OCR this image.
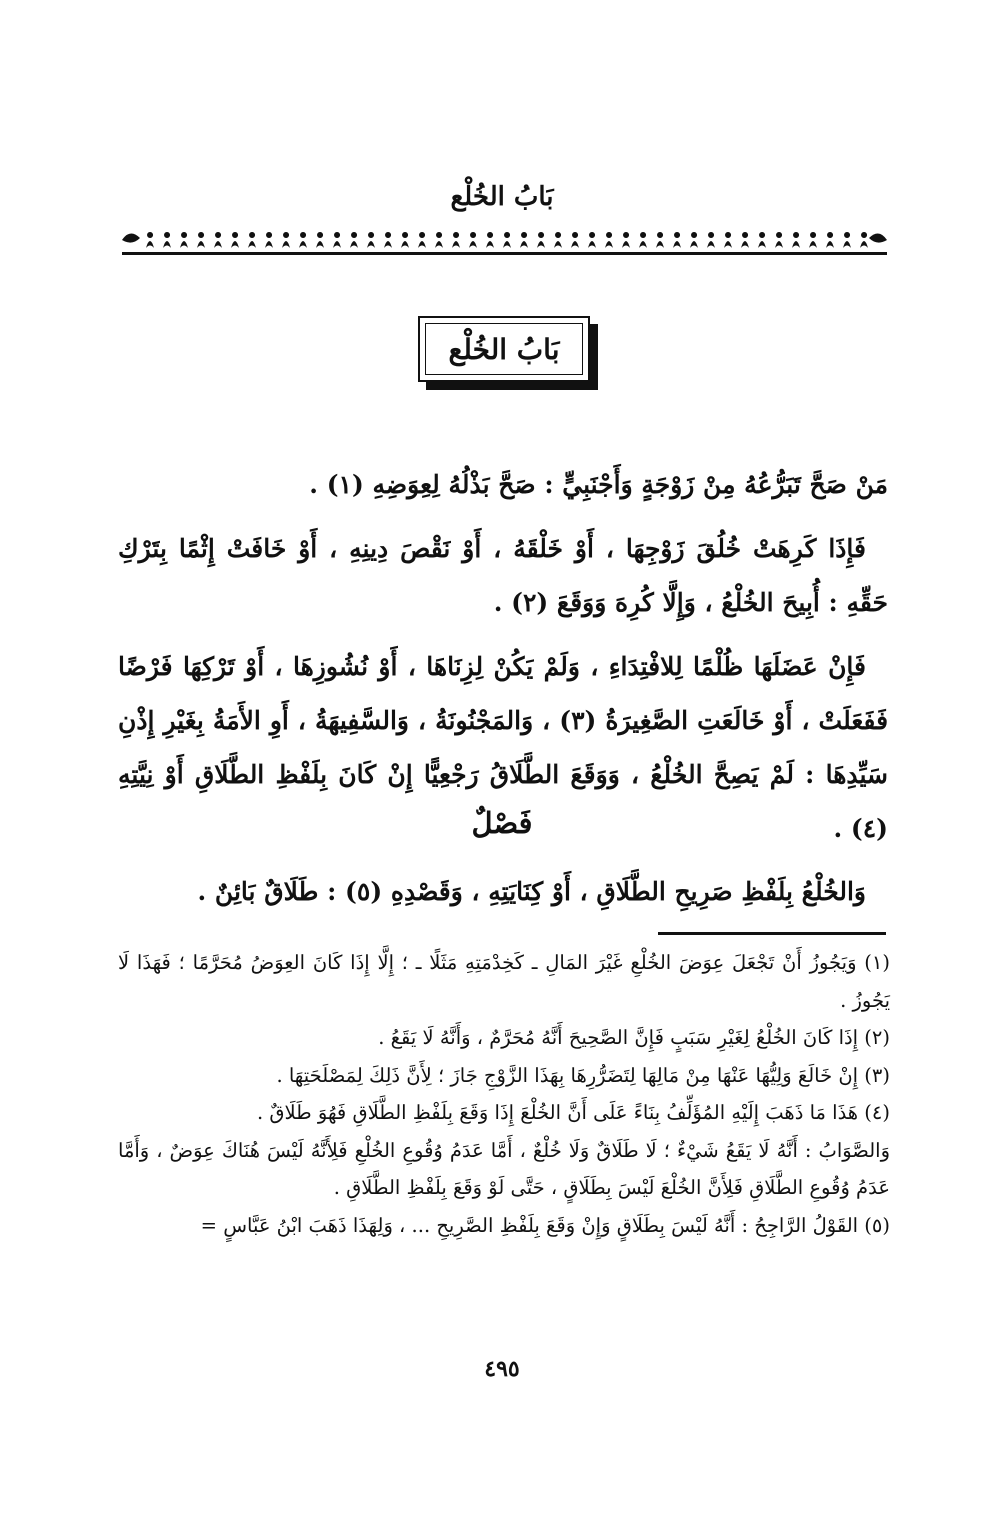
بَابُ الخُلْع
بَابُ الخُلْع

مَنْ صَحَّ تَبَرُّعُهُ مِنْ زَوْجَةٍ وَأَجْنَبِيٍّ : صَحَّ بَذْلُهُ لِعِوَضِهِ (١) .

فَإِذَا كَرِهَتْ خُلُقَ زَوْجِهَا ، أَوْ خَلْقَهُ ، أَوْ نَقْصَ دِينِهِ ، أَوْ خَافَتْ إِثْمًا بِتَرْكِ حَقِّهِ : أُبِيحَ الخُلْعُ ، وَإِلَّا كُرِهَ وَوَقَعَ (٢) .

فَإِنْ عَضَلَهَا ظُلْمًا لِلافْتِدَاءِ ، وَلَمْ يَكُنْ لِزِنَاهَا ، أَوْ نُشُوزِهَا ، أَوْ تَرْكِهَا فَرْضًا فَفَعَلَتْ ، أَوْ خَالَعَتِ الصَّغِيرَةُ (٣) ، وَالمَجْنُونَةُ ، وَالسَّفِيهَةُ ، أَوِ الأَمَةُ بِغَيْرِ إِذْنِ سَيِّدِهَا : لَمْ يَصِحَّ الخُلْعُ ، وَوَقَعَ الطَّلَاقُ رَجْعِيًّا إِنْ كَانَ بِلَفْظِ الطَّلَاقِ أَوْ نِيَّتِهِ (٤) .

فَصْلٌ

وَالخُلْعُ بِلَفْظِ صَرِيحِ الطَّلَاقِ ، أَوْ كِنَايَتِهِ ، وَقَصْدِهِ (٥) : طَلَاقٌ بَائِنٌ .

(١) وَيَجُوزُ أَنْ تَجْعَلَ عِوَضَ الخُلْعِ غَيْرَ المَالِ ـ كَخِدْمَتِهِ مَثَلًا ـ ؛ إِلَّا إِذَا كَانَ العِوَضُ مُحَرَّمًا ؛ فَهَذَا لَا يَجُوزُ .

(٢) إِذَا كَانَ الخُلْعُ لِغَيْرِ سَبَبٍ فَإِنَّ الصَّحِيحَ أَنَّهُ مُحَرَّمٌ ، وَأَنَّهُ لَا يَقَعُ .

(٣) إِنْ خَالَعَ وَلِيُّهَا عَنْهَا مِنْ مَالِهَا لِتَضَرُّرِهَا بِهَذَا الزَّوْجِ جَازَ ؛ لِأَنَّ ذَلِكَ لِمَصْلَحَتِهَا .

(٤) هَذَا مَا ذَهَبَ إِلَيْهِ المُؤَلِّفُ بِنَاءً عَلَى أَنَّ الخُلْعَ إِذَا وَقَعَ بِلَفْظِ الطَّلَاقِ فَهُوَ طَلَاقٌ .

وَالصَّوَابُ : أَنَّهُ لَا يَقَعُ شَيْءٌ ؛ لَا طَلَاقٌ وَلَا خُلْعٌ ، أَمَّا عَدَمُ وُقُوعِ الخُلْعِ فَلِأَنَّهُ لَيْسَ هُنَاكَ عِوَضٌ ، وَأَمَّا عَدَمُ وُقُوعِ الطَّلَاقِ فَلِأَنَّ الخُلْعَ لَيْسَ بِطَلَاقٍ ، حَتَّى لَوْ وَقَعَ بِلَفْظِ الطَّلَاقِ .

(٥) القَوْلُ الرَّاجِحُ : أَنَّهُ لَيْسَ بِطَلَاقٍ وَإِنْ وَقَعَ بِلَفْظِ الصَّرِيحِ ... ، وَلِهَذَا ذَهَبَ ابْنُ عَبَّاسٍ =

٤٩٥
